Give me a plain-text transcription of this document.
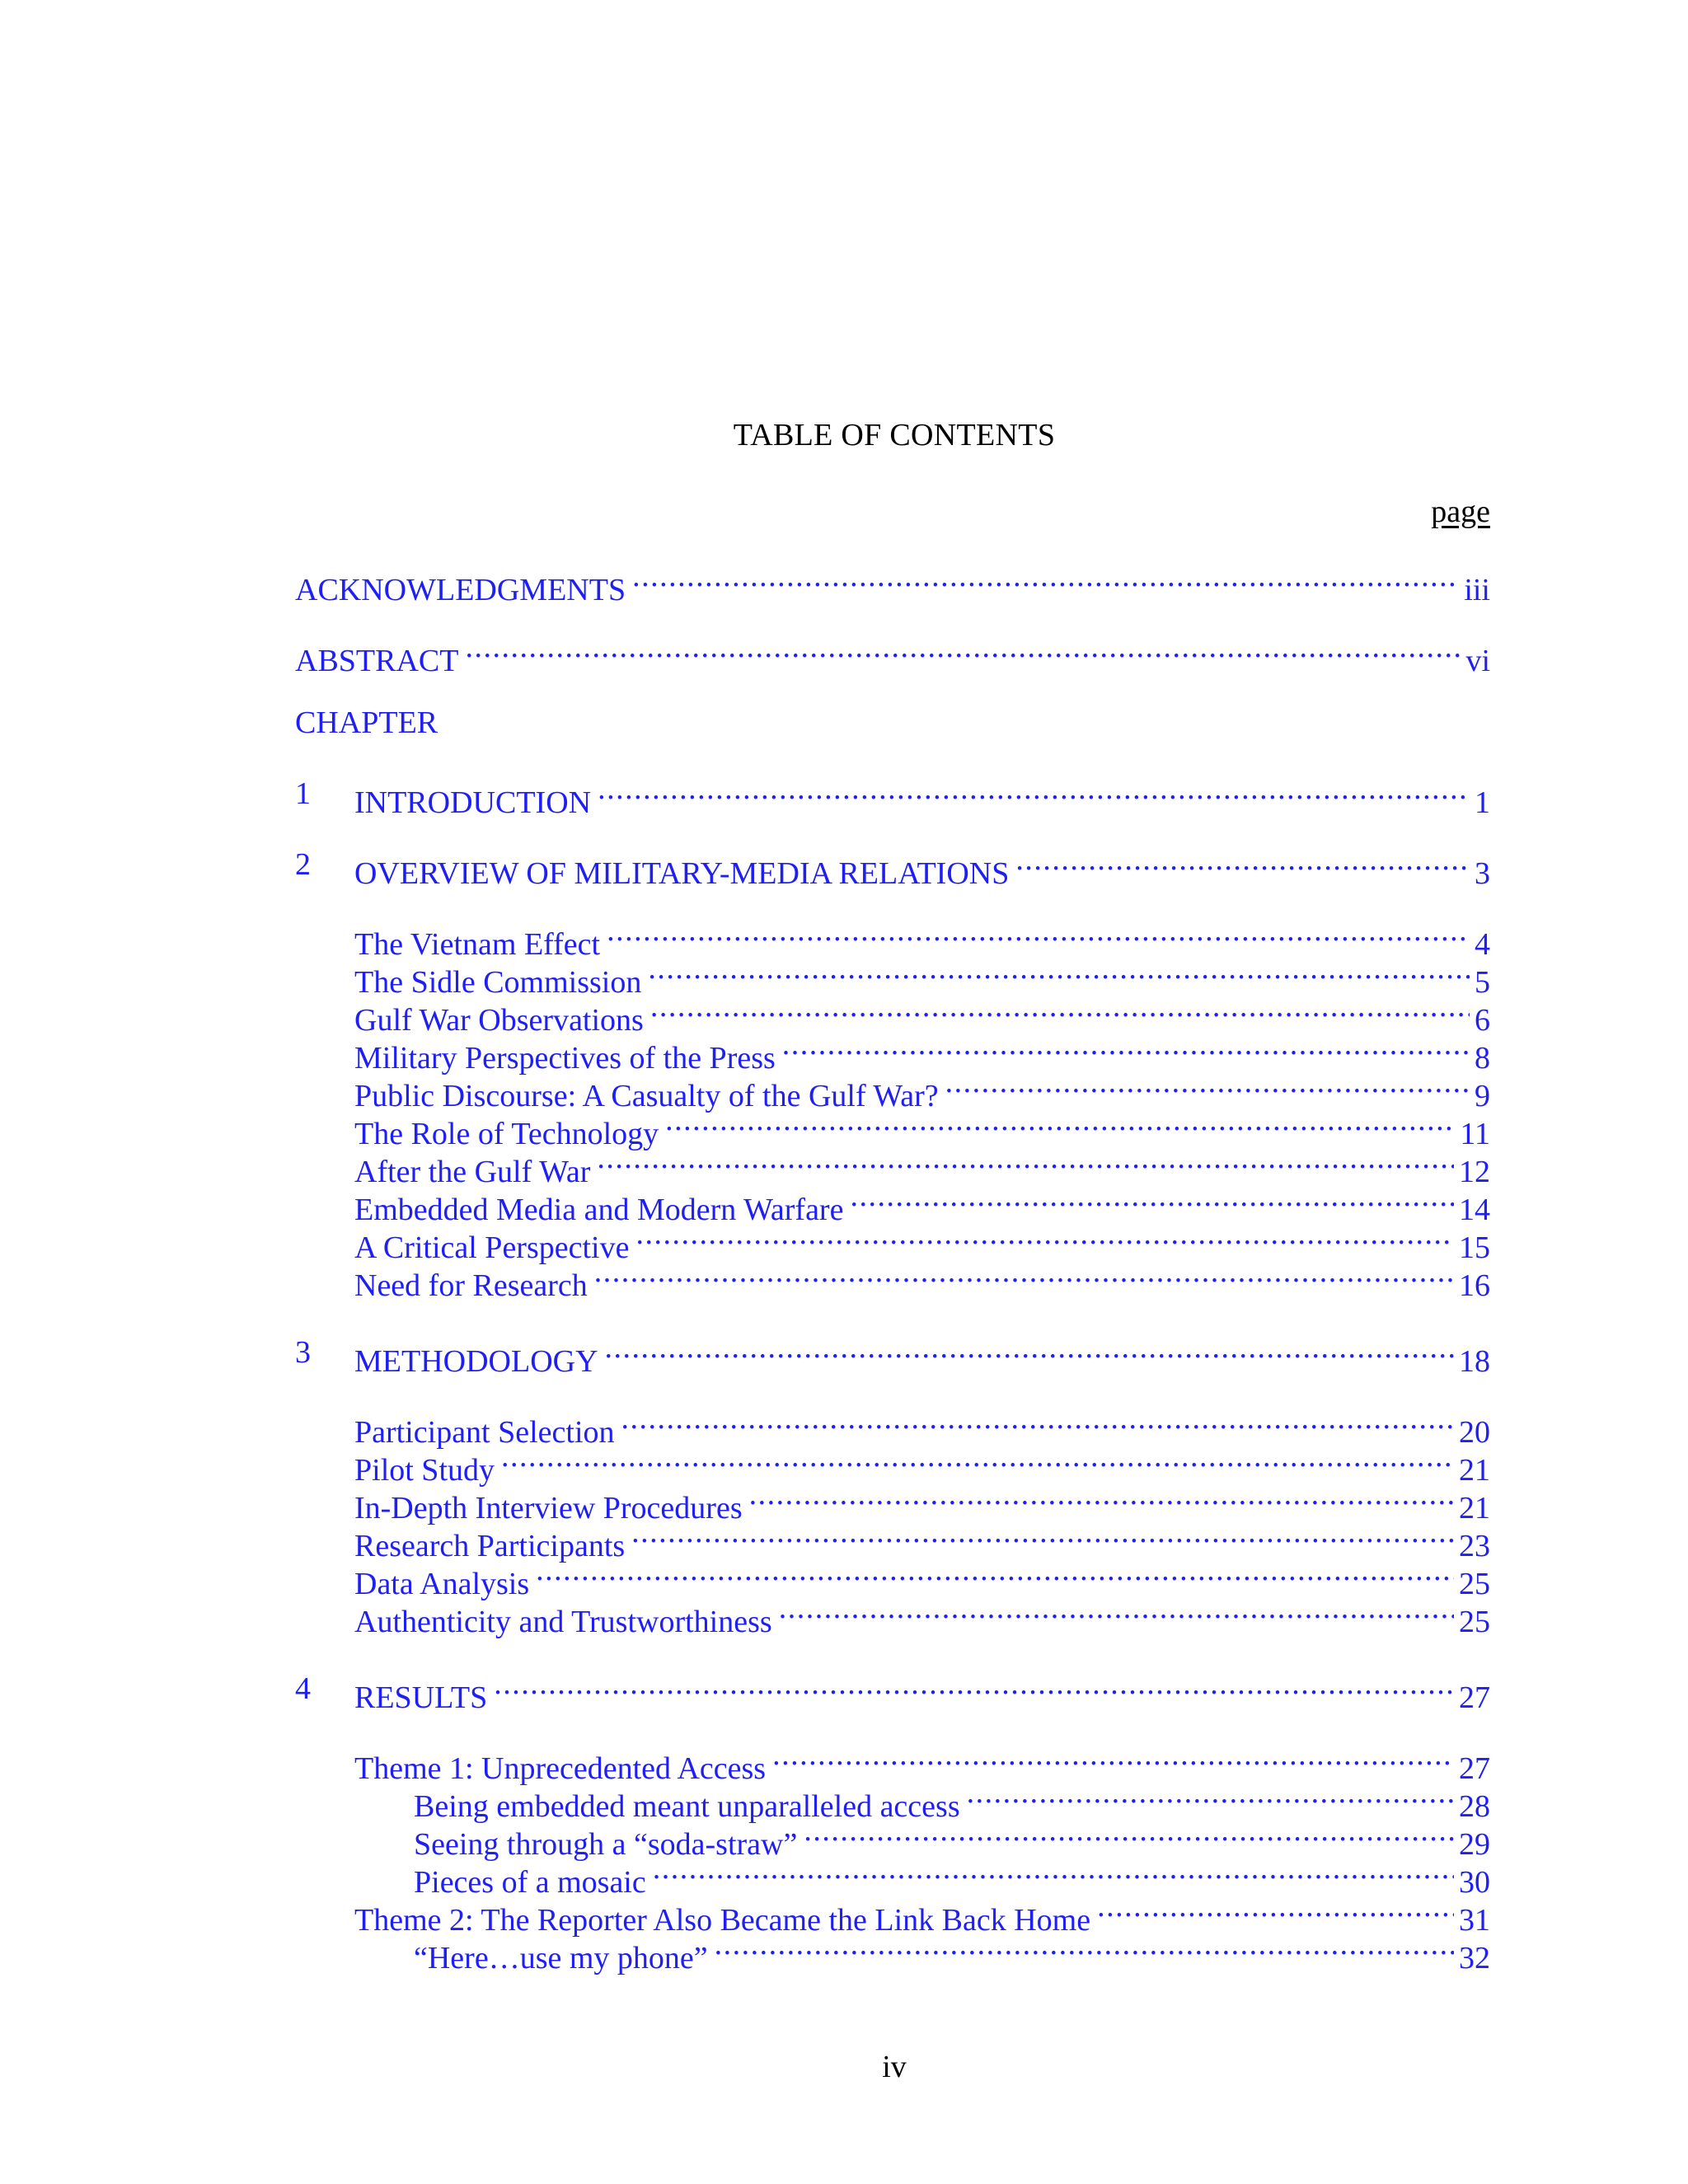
TABLE OF CONTENTS
page
ACKNOWLEDGMENTS .....	iii
ABSTRACT .....	vi
CHAPTER
1	INTRODUCTION .....	1
2	OVERVIEW OF MILITARY-MEDIA RELATIONS .....	3
The Vietnam Effect .....	4
The Sidle Commission .....	5
Gulf War Observations .....	6
Military Perspectives of the Press .....	8
Public Discourse: A Casualty of the Gulf War? .....	9
The Role of Technology .....	11
After the Gulf War .....	12
Embedded Media and Modern Warfare .....	14
A Critical Perspective .....	15
Need for Research .....	16
3	METHODOLOGY .....	18
Participant Selection .....	20
Pilot Study .....	21
In-Depth Interview Procedures .....	21
Research Participants .....	23
Data Analysis .....	25
Authenticity and Trustworthiness .....	25
4	RESULTS .....	27
Theme 1: Unprecedented Access .....	27
Being embedded meant unparalleled access .....	28
Seeing through a “soda-straw” .....	29
Pieces of a mosaic .....	30
Theme 2: The Reporter Also Became the Link Back Home .....	31
“Here…use my phone” .....	32
iv
